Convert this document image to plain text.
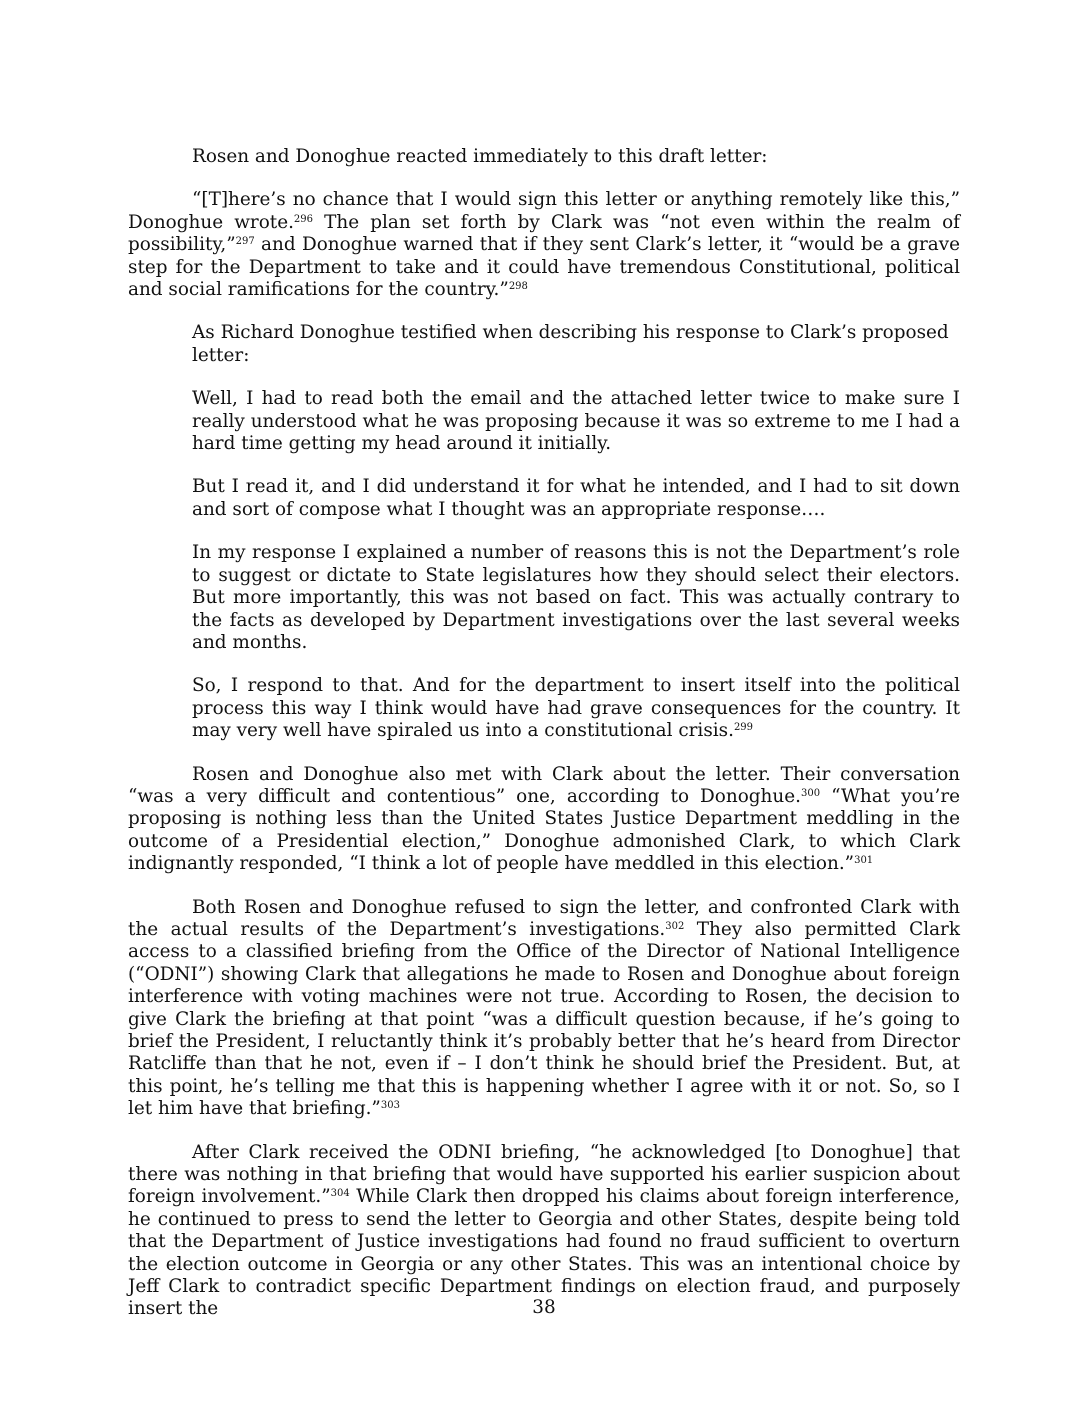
Rosen and Donoghue reacted immediately to this draft letter:

“[T]here’s no chance that I would sign this letter or anything remotely like this,” Donoghue wrote.$^{296}$ The plan set forth by Clark was “not even within the realm of possibility,”$^{297}$ and Donoghue warned that if they sent Clark’s letter, it “would be a grave step for the Department to take and it could have tremendous Constitutional, political and social ramifications for the country.”$^{298}$

As Richard Donoghue testified when describing his response to Clark’s proposed letter:

Well, I had to read both the email and the attached letter twice to make sure I really understood what he was proposing because it was so extreme to me I had a hard time getting my head around it initially.

But I read it, and I did understand it for what he intended, and I had to sit down and sort of compose what I thought was an appropriate response….

In my response I explained a number of reasons this is not the Department’s role to suggest or dictate to State legislatures how they should select their electors. But more importantly, this was not based on fact. This was actually contrary to the facts as developed by Department investigations over the last several weeks and months.

So, I respond to that. And for the department to insert itself into the political process this way I think would have had grave consequences for the country. It may very well have spiraled us into a constitutional crisis.$^{299}$

Rosen and Donoghue also met with Clark about the letter. Their conversation “was a very difficult and contentious” one, according to Donoghue.$^{300}$ “What you’re proposing is nothing less than the United States Justice Department meddling in the outcome of a Presidential election,” Donoghue admonished Clark, to which Clark indignantly responded, “I think a lot of people have meddled in this election.”$^{301}$

Both Rosen and Donoghue refused to sign the letter, and confronted Clark with the actual results of the Department’s investigations.$^{302}$ They also permitted Clark access to a classified briefing from the Office of the Director of National Intelligence (“ODNI”) showing Clark that allegations he made to Rosen and Donoghue about foreign interference with voting machines were not true. According to Rosen, the decision to give Clark the briefing at that point “was a difficult question because, if he’s going to brief the President, I reluctantly think it’s probably better that he’s heard from Director Ratcliffe than that he not, even if – I don’t think he should brief the President. But, at this point, he’s telling me that this is happening whether I agree with it or not. So, so I let him have that briefing.”$^{303}$

After Clark received the ODNI briefing, “he acknowledged [to Donoghue] that there was nothing in that briefing that would have supported his earlier suspicion about foreign involvement.”$^{304}$ While Clark then dropped his claims about foreign interference, he continued to press to send the letter to Georgia and other States, despite being told that the Department of Justice investigations had found no fraud sufficient to overturn the election outcome in Georgia or any other States. This was an intentional choice by Jeff Clark to contradict specific Department findings on election fraud, and purposely insert the	38
